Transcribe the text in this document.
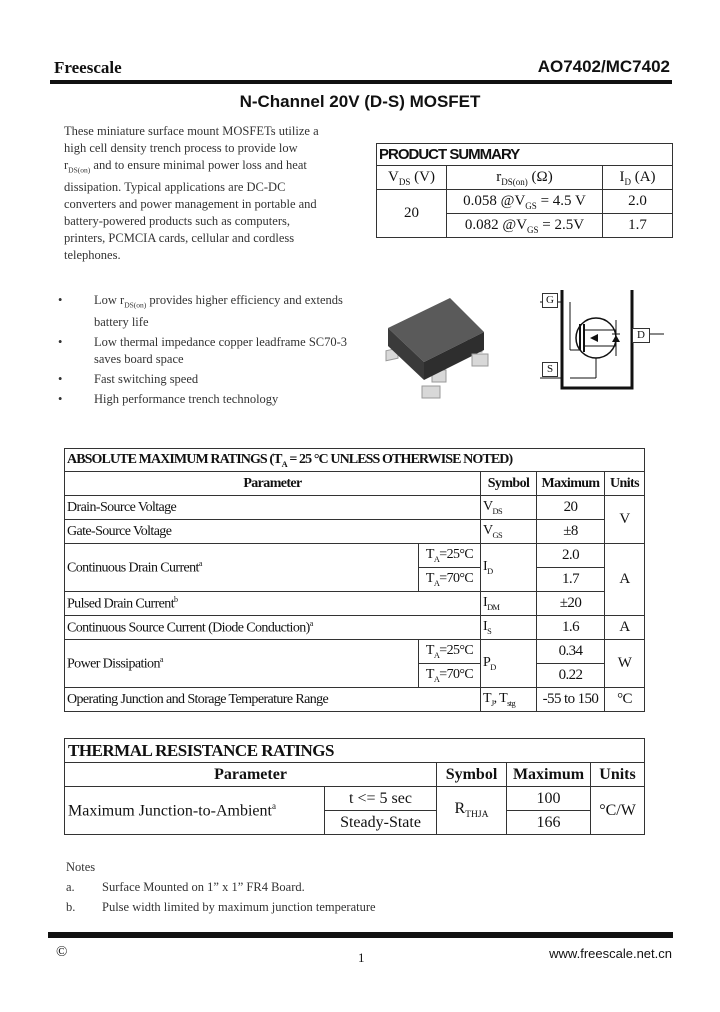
Freescale	AO7402/MC7402
N-Channel 20V (D-S) MOSFET
These miniature surface mount MOSFETs utilize a
high cell density trench process to provide low
$r_{DS(on)}$ and to ensure minimal power loss and heat
dissipation. Typical applications are DC-DC
converters and power management in portable and
battery-powered products such as computers,
printers, PCMCIA cards, cellular and cordless
telephones.
PRODUCT SUMMARY		
$V_{DS}$ (V)	$r_{DS(on)}$ (Ω)	$I_D$ (A)
20	0.058 $@V_{GS} = 4.5$ V	2.0
	0.082 $@V_{GS} = 2.5V$	1.7
• Low $r_{DS(on)}$ provides higher efficiency and extends battery life
• Low thermal impedance copper leadframe SC70-3 saves board space
• Fast switching speed
• High performance trench technology
G
S
D
ABSOLUTE MAXIMUM RATINGS ($T_A = 25$ °C UNLESS OTHERWISE NOTED)				
Parameter		Symbol	Maximum	Units
Drain-Source Voltage		$V_{DS}$	20	V
Gate-Source Voltage		$V_{GS}$	±8	
Continuous Drain Current$^a$	$T_A=25^\circ C$	$I_D$	2.0	A
	$T_A=70^\circ C$		1.7	
Pulsed Drain Current$^b$		$I_{DM}$	±20	
Continuous Source Current (Diode Conduction)$^a$		$I_S$	1.6	A
Power Dissipation$^a$	$T_A=25^\circ C$	$P_D$	0.34	W
	$T_A=70^\circ C$		0.22	
Operating Junction and Storage Temperature Range		$T_J$, $T_{stg}$	-55 to 150	°C
THERMAL RESISTANCE RATINGS				
Parameter		Symbol	Maximum	Units
Maximum Junction-to-Ambient$^a$	t <= 5 sec	$R_{THJA}$	100	°C/W
	Steady-State		166	
Notes
a. Surface Mounted on 1” x 1” FR4 Board.
b. Pulse width limited by maximum junction temperature
©	1	www.freescale.net.cn
